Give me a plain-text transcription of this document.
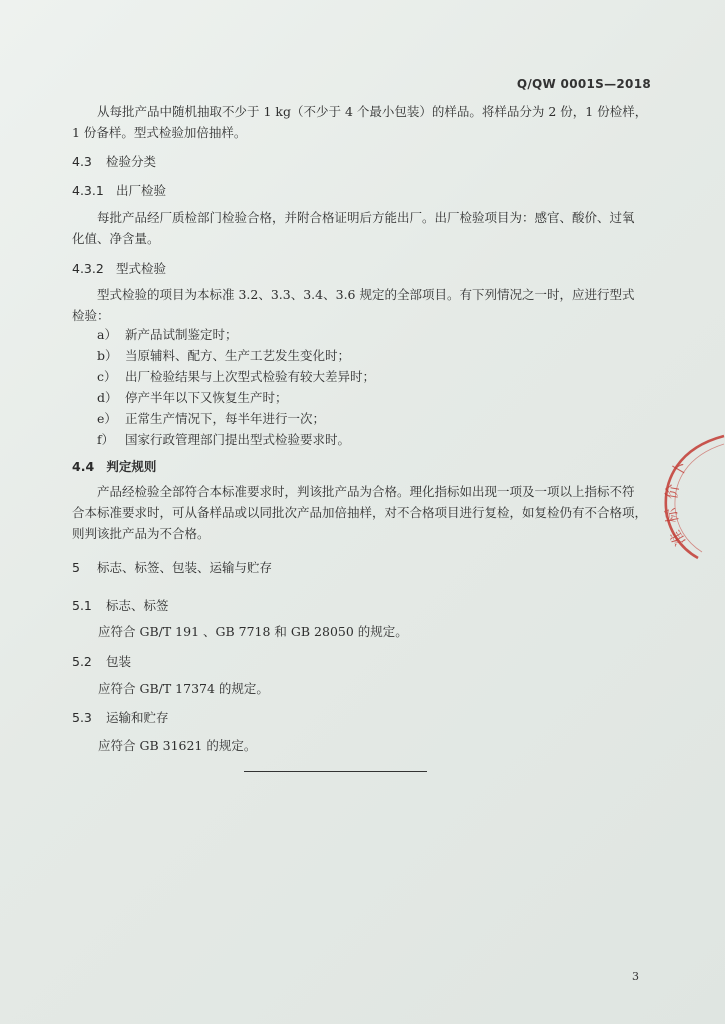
Q/QW 0001S—2018
从每批产品中随机抽取不少于 1 kg（不少于 4 个最小包装）的样品。将样品分为 2 份，1 份检样，
1 份备样。型式检验加倍抽样。
4.3 检验分类
4.3.1 出厂检验
每批产品经厂质检部门检验合格，并附合格证明后方能出厂。出厂检验项目为：感官、酸价、过氧
化值、净含量。
4.3.2 型式检验
型式检验的项目为本标准 3.2、3.3、3.4、3.6 规定的全部项目。有下列情况之一时，应进行型式
检验：
a） 新产品试制鉴定时；
b） 当原辅料、配方、生产工艺发生变化时；
c） 出厂检验结果与上次型式检验有较大差异时；
d） 停产半年以下又恢复生产时；
e） 正常生产情况下，每半年进行一次；
f） 国家行政管理部门提出型式检验要求时。
4.4 判定规则
产品经检验全部符合本标准要求时，判该批产品为合格。理化指标如出现一项及一项以上指标不符
合本标准要求时，可从备样品或以同批次产品加倍抽样，对不合格项目进行复检，如复检仍有不合格项，
则判该批产品为不合格。
5 标志、标签、包装、运输与贮存
5.1 标志、标签
应符合 GB/T 191 、GB 7718 和 GB 28050 的规定。
5.2 包装
应符合 GB/T 17374 的规定。
5.3 运输和贮存
应符合 GB 31621 的规定。
3
卜
价
标
准
